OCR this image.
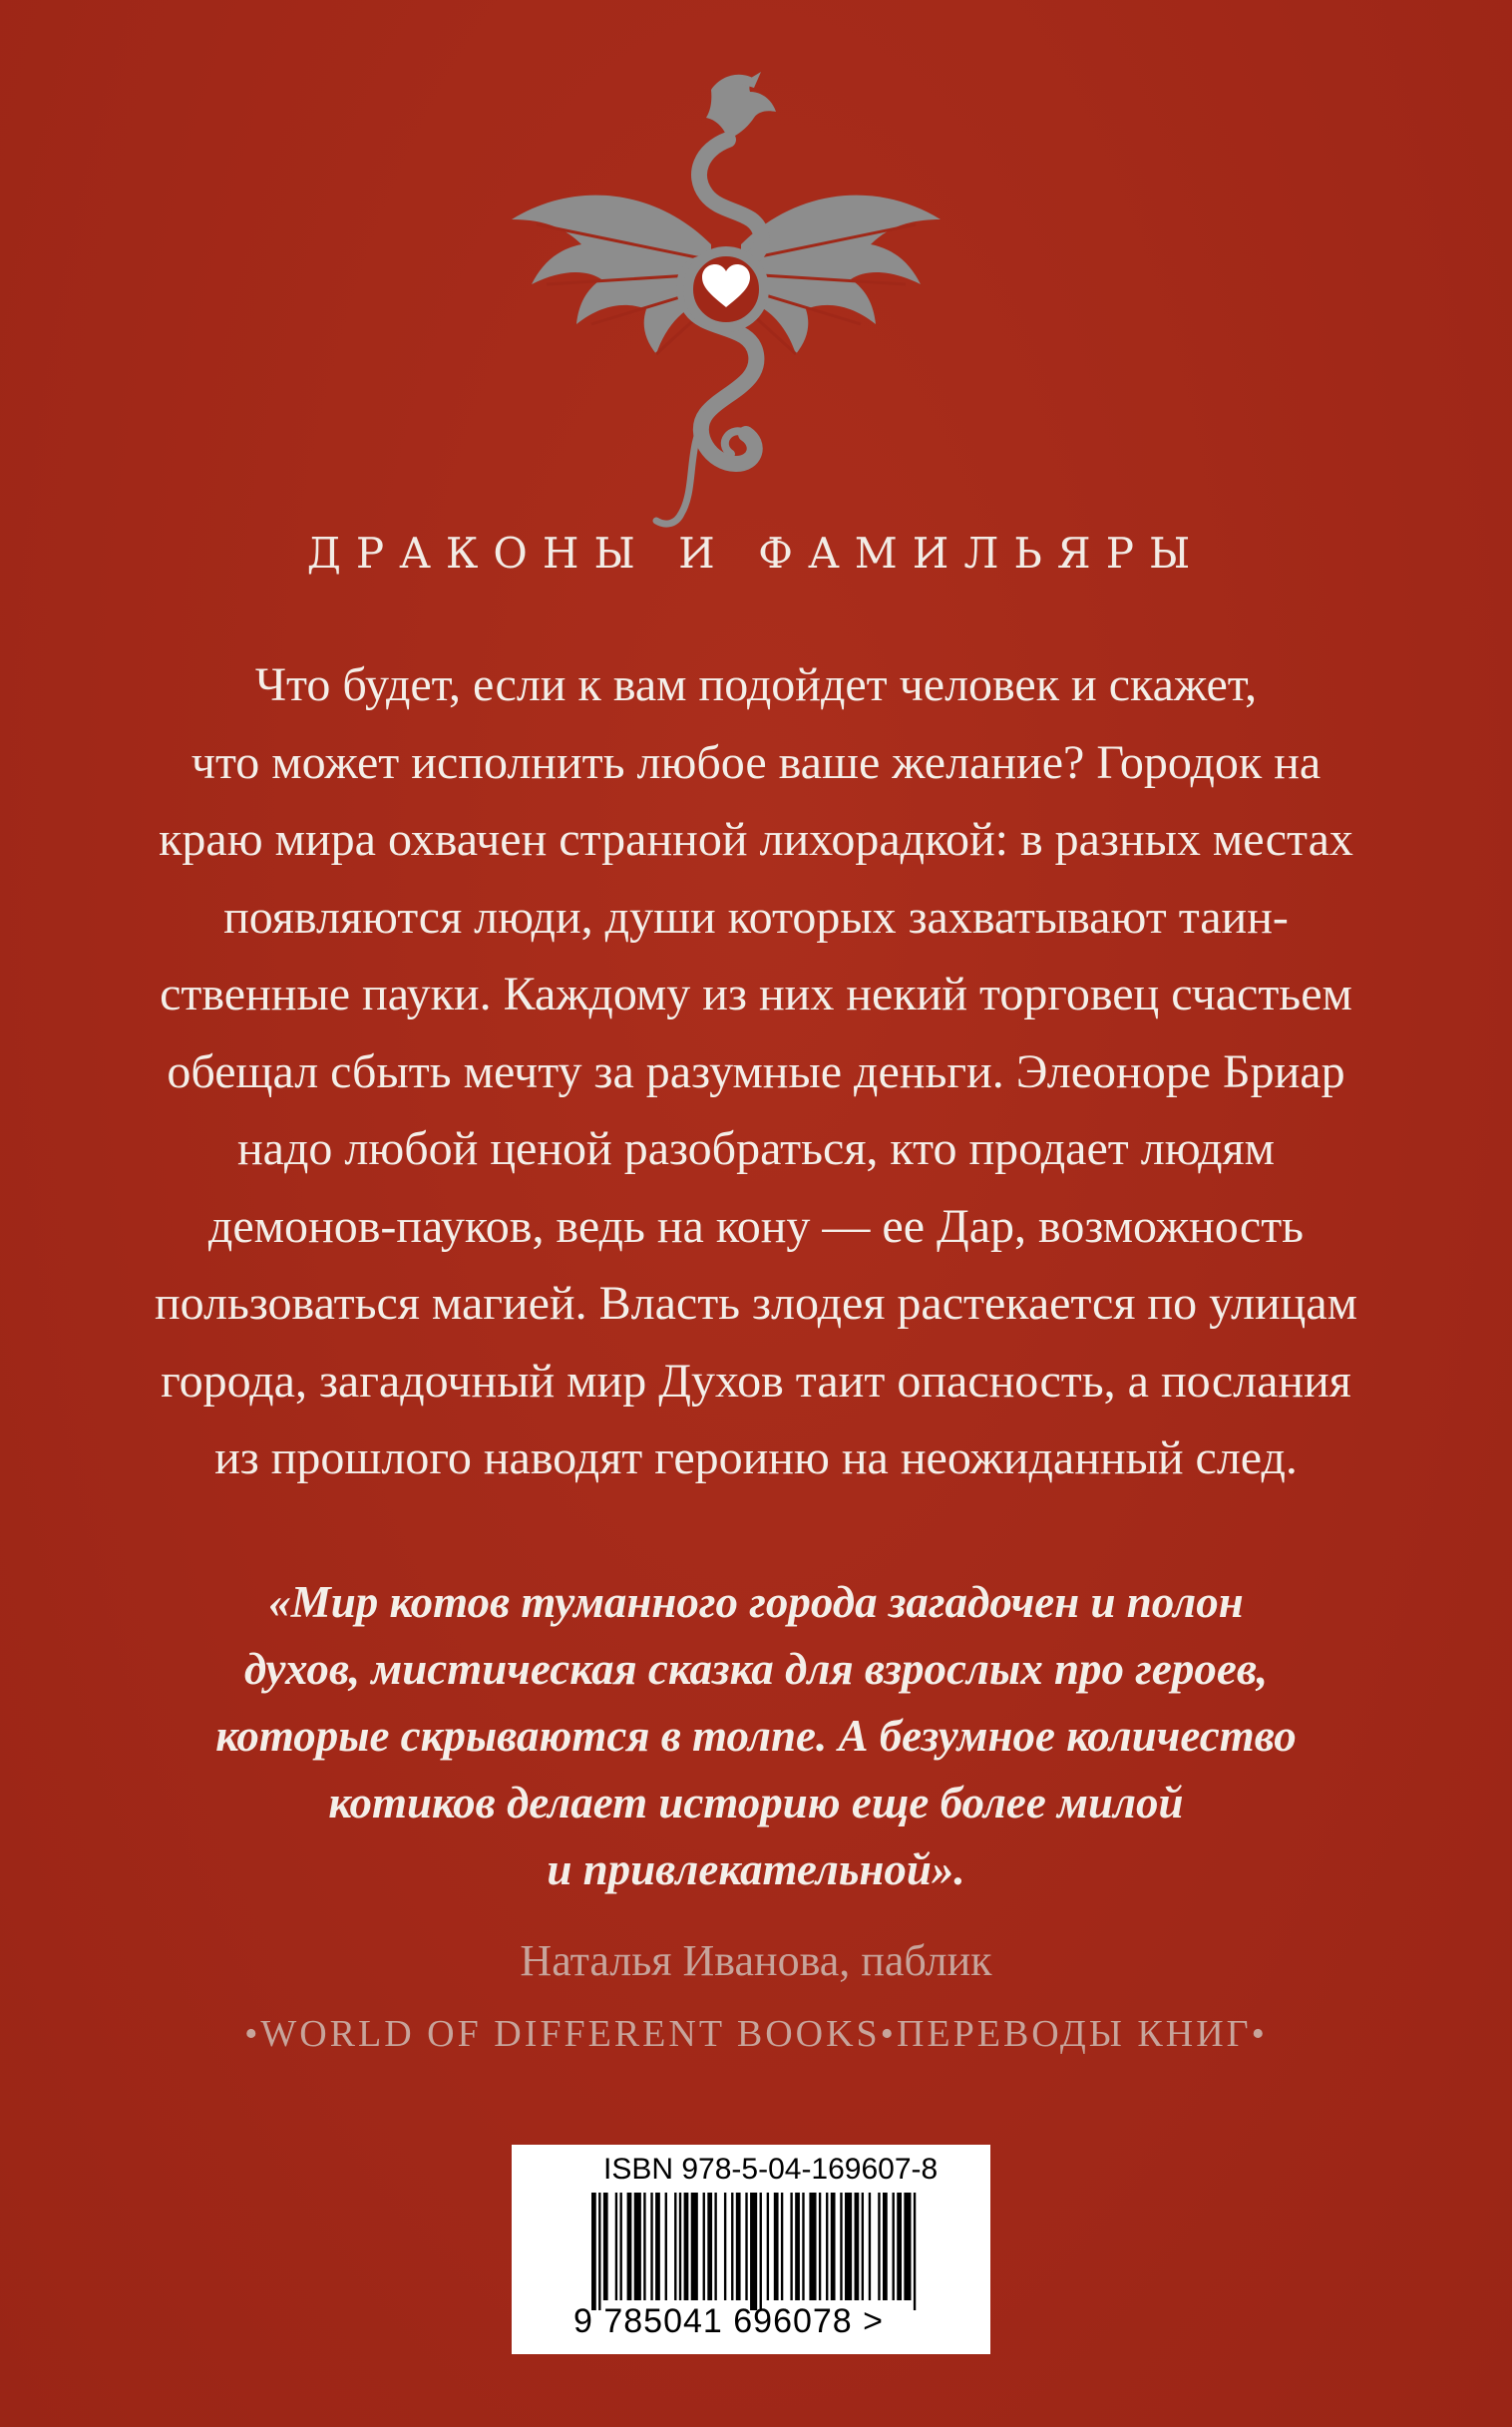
ДРАКОНЫ И ФАМИЛЬЯРЫ
Что будет, если к вам подойдет человек и скажет,
что может исполнить любое ваше желание? Городок на
краю мира охвачен странной лихорадкой: в разных местах
появляются люди, души которых захватывают таин-
ственные пауки. Каждому из них некий торговец счастьем
обещал сбыть мечту за разумные деньги. Элеоноре Бриар
надо любой ценой разобраться, кто продает людям
демонов-пауков, ведь на кону — ее Дар, возможность
пользоваться магией. Власть злодея растекается по улицам
города, загадочный мир Духов таит опасность, а послания
из прошлого наводят героиню на неожиданный след.
«Мир котов туманного города загадочен и полон
духов, мистическая сказка для взрослых про героев,
которые скрываются в толпе. А безумное количество
котиков делает историю еще более милой
и привлекательной».
Наталья Иванова, паблик
•WORLD OF DIFFERENT BOOKS•ПЕРЕВОДЫ КНИГ•
ISBN 978-5-04-169607-8
9 785041 696078 >
